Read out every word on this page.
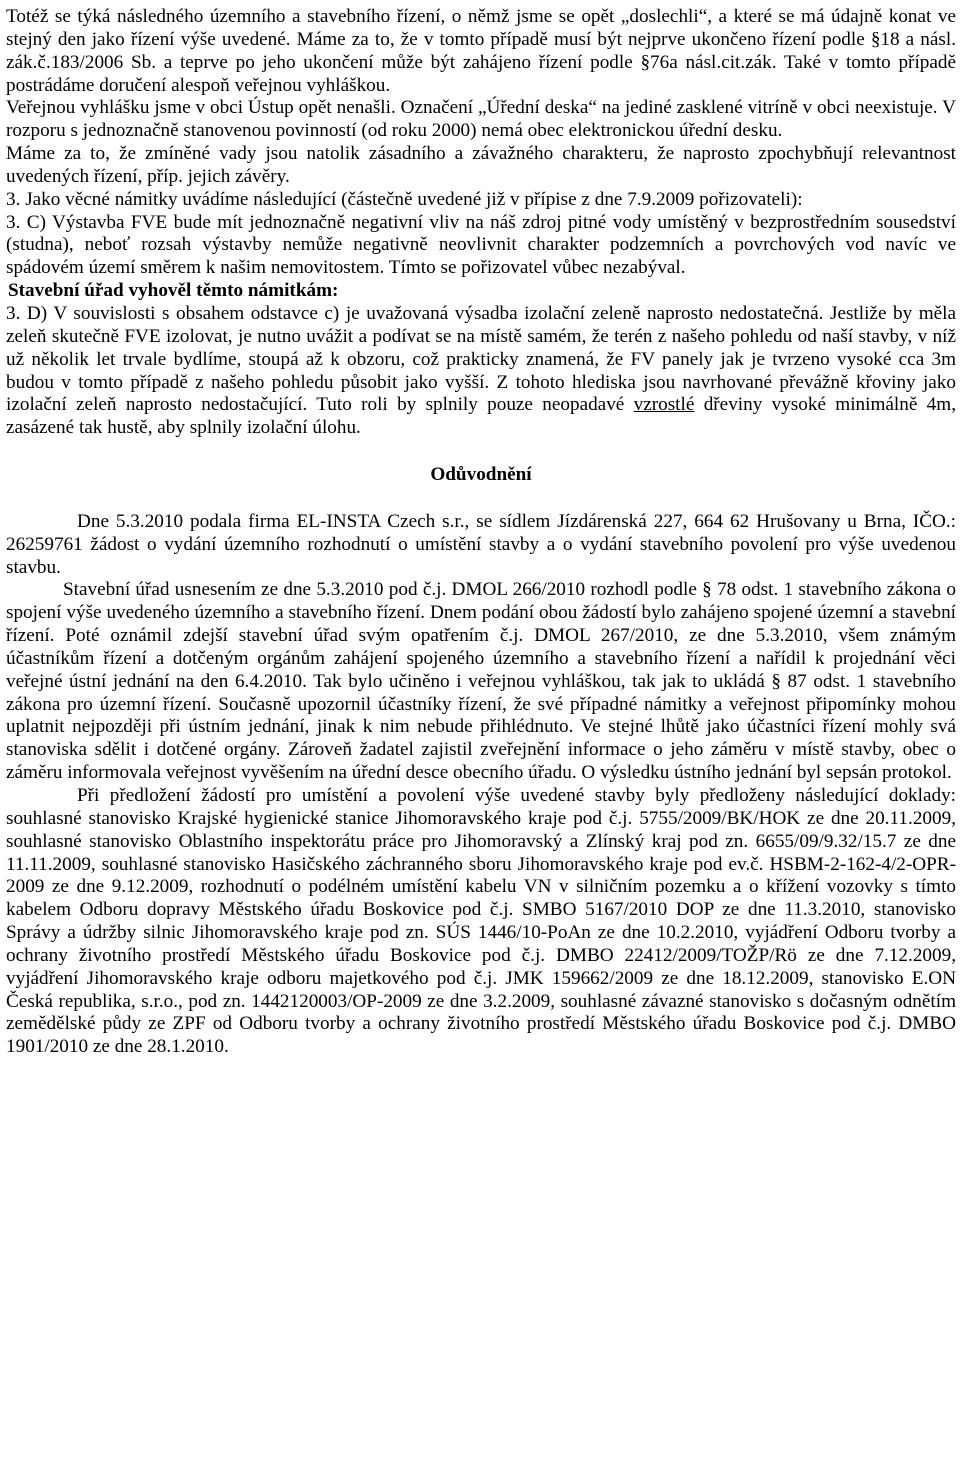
Totéž se týká následného územního a stavebního řízení, o němž jsme se opět „doslechli“, a které se má údajně konat ve stejný den jako řízení výše uvedené. Máme za to, že v tomto případě musí být nejprve ukončeno řízení podle §18 a násl. zák.č.183/2006 Sb. a teprve po jeho ukončení může být zahájeno řízení podle §76a násl.cit.zák. Také v tomto případě postrádáme doručení alespoň veřejnou vyhláškou.

Veřejnou vyhlášku jsme v obci Ústup opět nenašli. Označení „Úřední deska“ na jediné zasklené vitríně v obci neexistuje. V rozporu s jednoznačně stanovenou povinností (od roku 2000) nemá obec elektronickou úřední desku.

Máme za to, že zmíněné vady jsou natolik zásadního a závažného charakteru, že naprosto zpochybňují relevantnost uvedených řízení, příp. jejich závěry.

3. Jako věcné námitky uvádíme následující (částečně uvedené již v přípise z dne 7.9.2009 pořizovateli):

3. C) Výstavba FVE bude mít jednoznačně negativní vliv na náš zdroj pitné vody umístěný v bezprostředním sousedství (studna), neboť rozsah výstavby nemůže negativně neovlivnit charakter podzemních a povrchových vod navíc ve spádovém území směrem k našim nemovitostem. Tímto se pořizovatel vůbec nezabýval.

Stavební úřad vyhověl těmto námitkám:

3. D) V souvislosti s obsahem odstavce c) je uvažovaná výsadba izolační zeleně naprosto nedostatečná. Jestliže by měla zeleň skutečně FVE izolovat, je nutno uvážit a podívat se na místě samém, že terén z našeho pohledu od naší stavby, v níž už několik let trvale bydlíme, stoupá až k obzoru, což prakticky znamená, že FV panely jak je tvrzeno vysoké cca 3m budou v tomto případě z našeho pohledu působit jako vyšší. Z tohoto hlediska jsou navrhované převážně křoviny jako izolační zeleň naprosto nedostačující. Tuto roli by splnily pouze neopadavé vzrostlé dřeviny vysoké minimálně 4m, zasázené tak hustě, aby splnily izolační úlohu.

Odůvodnění

Dne 5.3.2010 podala firma EL-INSTA Czech s.r., se sídlem Jízdárenská 227, 664 62 Hrušovany u Brna, IČO.: 26259761 žádost o vydání územního rozhodnutí o umístění stavby a o vydání stavebního povolení pro výše uvedenou stavbu.

Stavební úřad usnesením ze dne 5.3.2010 pod č.j. DMOL 266/2010 rozhodl podle § 78 odst. 1 stavebního zákona o spojení výše uvedeného územního a stavebního řízení. Dnem podání obou žádostí bylo zahájeno spojené územní a stavební řízení. Poté oznámil zdejší stavební úřad svým opatřením č.j. DMOL 267/2010, ze dne 5.3.2010, všem známým účastníkům řízení a dotčeným orgánům zahájení spojeného územního a stavebního řízení a nařídil k projednání věci veřejné ústní jednání na den 6.4.2010. Tak bylo učiněno i veřejnou vyhláškou, tak jak to ukládá § 87 odst. 1 stavebního zákona pro územní řízení. Současně upozornil účastníky řízení, že své případné námitky a veřejnost připomínky mohou uplatnit nejpozději při ústním jednání, jinak k nim nebude přihlédnuto. Ve stejné lhůtě jako účastníci řízení mohly svá stanoviska sdělit i dotčené orgány. Zároveň žadatel zajistil zveřejnění informace o jeho záměru v místě stavby, obec o záměru informovala veřejnost vyvěšením na úřední desce obecního úřadu. O výsledku ústního jednání byl sepsán protokol.

Při předložení žádostí pro umístění a povolení výše uvedené stavby byly předloženy následující doklady: souhlasné stanovisko Krajské hygienické stanice Jihomoravského kraje pod č.j. 5755/2009/BK/HOK ze dne 20.11.2009, souhlasné stanovisko Oblastního inspektorátu práce pro Jihomoravský a Zlínský kraj pod zn. 6655/09/9.32/15.7 ze dne 11.11.2009, souhlasné stanovisko Hasičského záchranného sboru Jihomoravského kraje pod ev.č. HSBM-2-162-4/2-OPR-2009 ze dne 9.12.2009, rozhodnutí o podélném umístění kabelu VN v silničním pozemku a o křížení vozovky s tímto kabelem Odboru dopravy Městského úřadu Boskovice pod č.j. SMBO 5167/2010 DOP ze dne 11.3.2010, stanovisko Správy a údržby silnic Jihomoravského kraje pod zn. SÚS 1446/10-PoAn ze dne 10.2.2010, vyjádření Odboru tvorby a ochrany životního prostředí Městského úřadu Boskovice pod č.j. DMBO 22412/2009/TOŽP/Rö ze dne 7.12.2009, vyjádření Jihomoravského kraje odboru majetkového pod č.j. JMK 159662/2009 ze dne 18.12.2009, stanovisko E.ON Česká republika, s.r.o., pod zn. 1442120003/OP-2009 ze dne 3.2.2009, souhlasné závazné stanovisko s dočasným odnětím zemědělské půdy ze ZPF od Odboru tvorby a ochrany životního prostředí Městského úřadu Boskovice pod č.j. DMBO 1901/2010 ze dne 28.1.2010.
